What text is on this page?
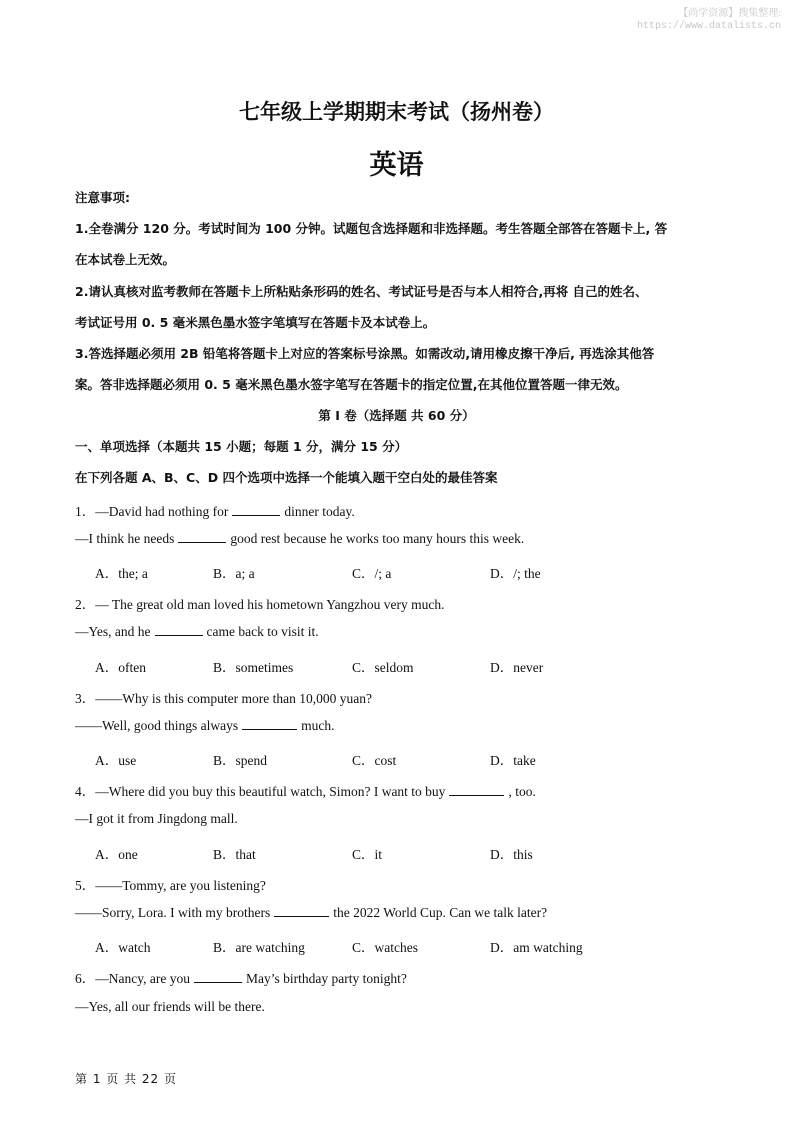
【尚学资源】搜集整理:
https://www.datalists.cn
七年级上学期期末考试（扬州卷）
英语
注意事项:
1.全卷满分 120 分。考试时间为 100 分钟。试题包含选择题和非选择题。考生答题全部答在答题卡上, 答
在本试卷上无效。
2.请认真核对监考教师在答题卡上所粘贴条形码的姓名、考试证号是否与本人相符合,再将 自己的姓名、
考试证号用 0. 5 毫米黑色墨水签字笔填写在答题卡及本试卷上。
3.答选择题必须用 2B 铅笔将答题卡上对应的答案标号涂黑。如需改动,请用橡皮擦干净后, 再选涂其他答
案。答非选择题必须用 0. 5 毫米黑色墨水签字笔写在答题卡的指定位置,在其他位置答题一律无效。
第 I 卷（选择题 共 60 分）
一、单项选择（本题共 15 小题；每题 1 分，满分 15 分）
在下列各题 A、B、C、D 四个选项中选择一个能填入题干空白处的最佳答案
1．—David had nothing for	dinner today.
—I think he needs	good rest because he works too many hours this week.
A．the; a	B．a; a	C．/; a	D．/; the
2．— The great old man loved his hometown Yangzhou very much.
—Yes, and he	came back to visit it.
A．often	B．sometimes	C．seldom	D．never
3．——Why is this computer more than 10,000 yuan?
——Well, good things always	much.
A．use	B．spend	C．cost	D．take
4．—Where did you buy this beautiful watch, Simon? I want to buy	, too.
—I got it from Jingdong mall.
A．one	B．that	C．it	D．this
5．——Tommy, are you listening?
——Sorry, Lora. I with my brothers	the 2022 World Cup. Can we talk later?
A．watch	B．are watching	C．watches	D．am watching
6．—Nancy, are you	May’s birthday party tonight?
—Yes, all our friends will be there.
第 1 页 共 22 页
